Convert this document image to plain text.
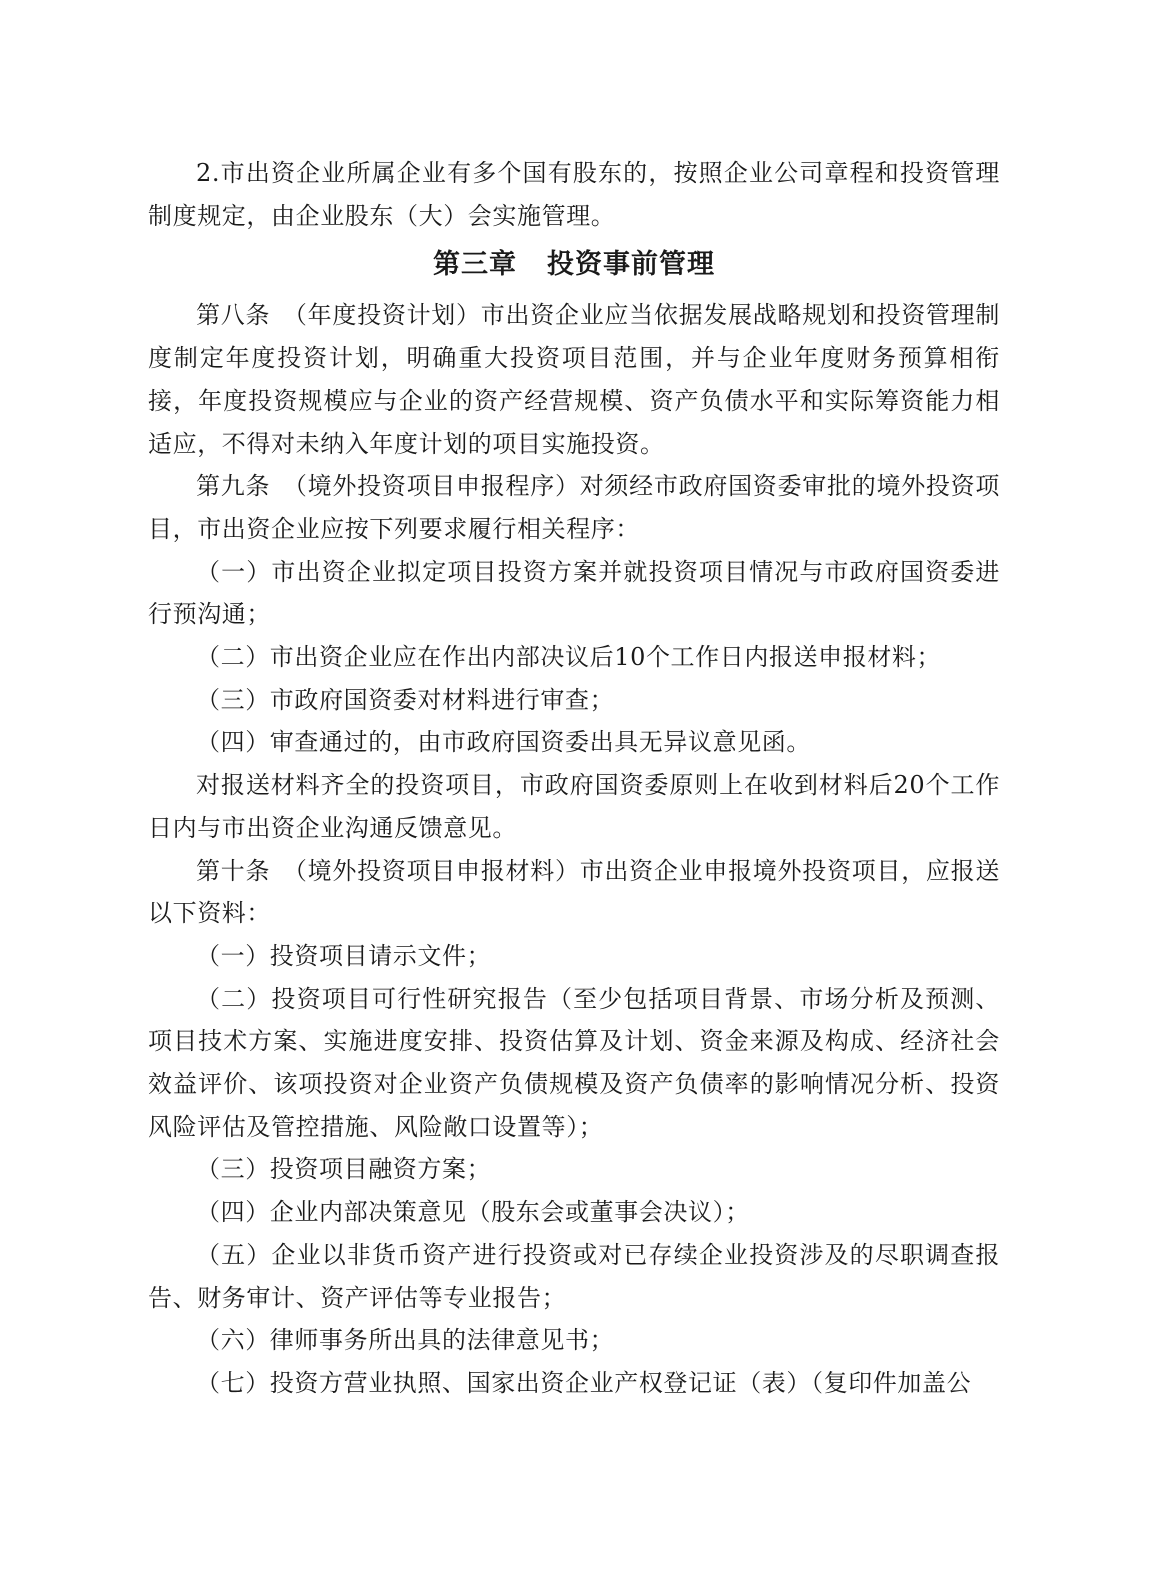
2.市出资企业所属企业有多个国有股东的，按照企业公司章程和投资管理制度规定，由企业股东（大）会实施管理。

第三章 投资事前管理

第八条　（年度投资计划）市出资企业应当依据发展战略规划和投资管理制度制定年度投资计划，明确重大投资项目范围，并与企业年度财务预算相衔接，年度投资规模应与企业的资产经营规模、资产负债水平和实际筹资能力相适应，不得对未纳入年度计划的项目实施投资。

第九条　（境外投资项目申报程序）对须经市政府国资委审批的境外投资项目，市出资企业应按下列要求履行相关程序：

（一）市出资企业拟定项目投资方案并就投资项目情况与市政府国资委进行预沟通；

（二）市出资企业应在作出内部决议后10个工作日内报送申报材料；

（三）市政府国资委对材料进行审查；

（四）审查通过的，由市政府国资委出具无异议意见函。

对报送材料齐全的投资项目，市政府国资委原则上在收到材料后20个工作日内与市出资企业沟通反馈意见。

第十条　（境外投资项目申报材料）市出资企业申报境外投资项目，应报送以下资料：

（一）投资项目请示文件；

（二）投资项目可行性研究报告（至少包括项目背景、市场分析及预测、项目技术方案、实施进度安排、投资估算及计划、资金来源及构成、经济社会效益评价、该项投资对企业资产负债规模及资产负债率的影响情况分析、投资风险评估及管控措施、风险敞口设置等）；

（三）投资项目融资方案；

（四）企业内部决策意见（股东会或董事会决议）；

（五）企业以非货币资产进行投资或对已存续企业投资涉及的尽职调查报告、财务审计、资产评估等专业报告；

（六）律师事务所出具的法律意见书；

（七）投资方营业执照、国家出资企业产权登记证（表）（复印件加盖公
